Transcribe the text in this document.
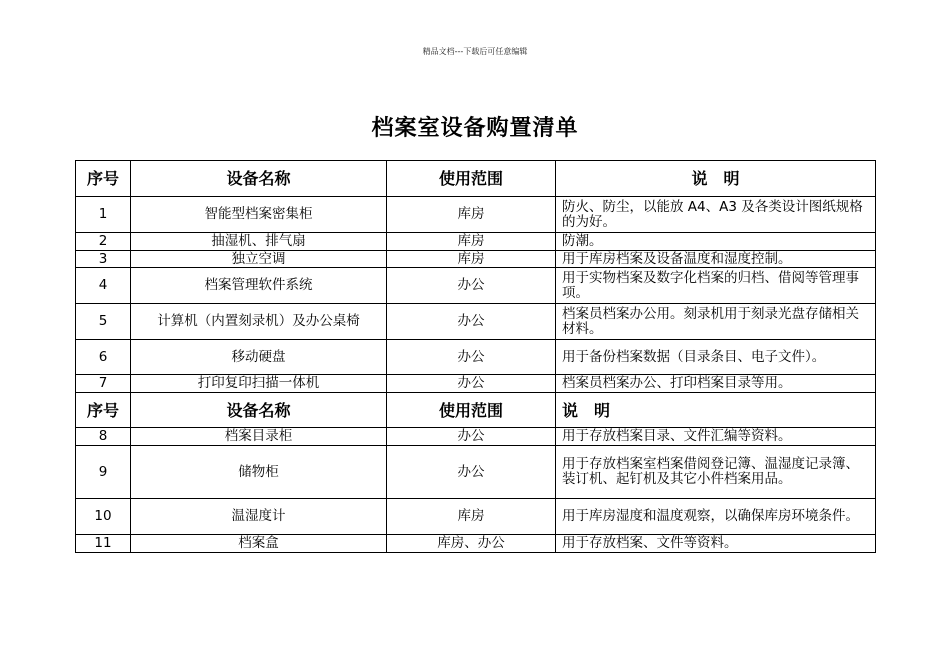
精品文档---下载后可任意编辑
档案室设备购置清单
序号	设备名称	使用范围	说　明
1	智能型档案密集柜	库房	防火、防尘，以能放 A4、A3 及各类设计图纸规格的为好。
2	抽湿机、排气扇	库房	防潮。
3	独立空调	库房	用于库房档案及设备温度和湿度控制。
4	档案管理软件系统	办公	用于实物档案及数字化档案的归档、借阅等管理事项。
5	计算机（内置刻录机）及办公桌椅	办公	档案员档案办公用。刻录机用于刻录光盘存储相关材料。
6	移动硬盘	办公	用于备份档案数据（目录条目、电子文件）。
7	打印复印扫描一体机	办公	档案员档案办公、打印档案目录等用。
序号	设备名称	使用范围	说　明
8	档案目录柜	办公	用于存放档案目录、文件汇编等资料。
9	储物柜	办公	用于存放档案室档案借阅登记簿、温湿度记录簿、装订机、起钉机及其它小件档案用品。
10	温湿度计	库房	用于库房湿度和温度观察，以确保库房环境条件。
11	档案盒	库房、办公	用于存放档案、文件等资料。
